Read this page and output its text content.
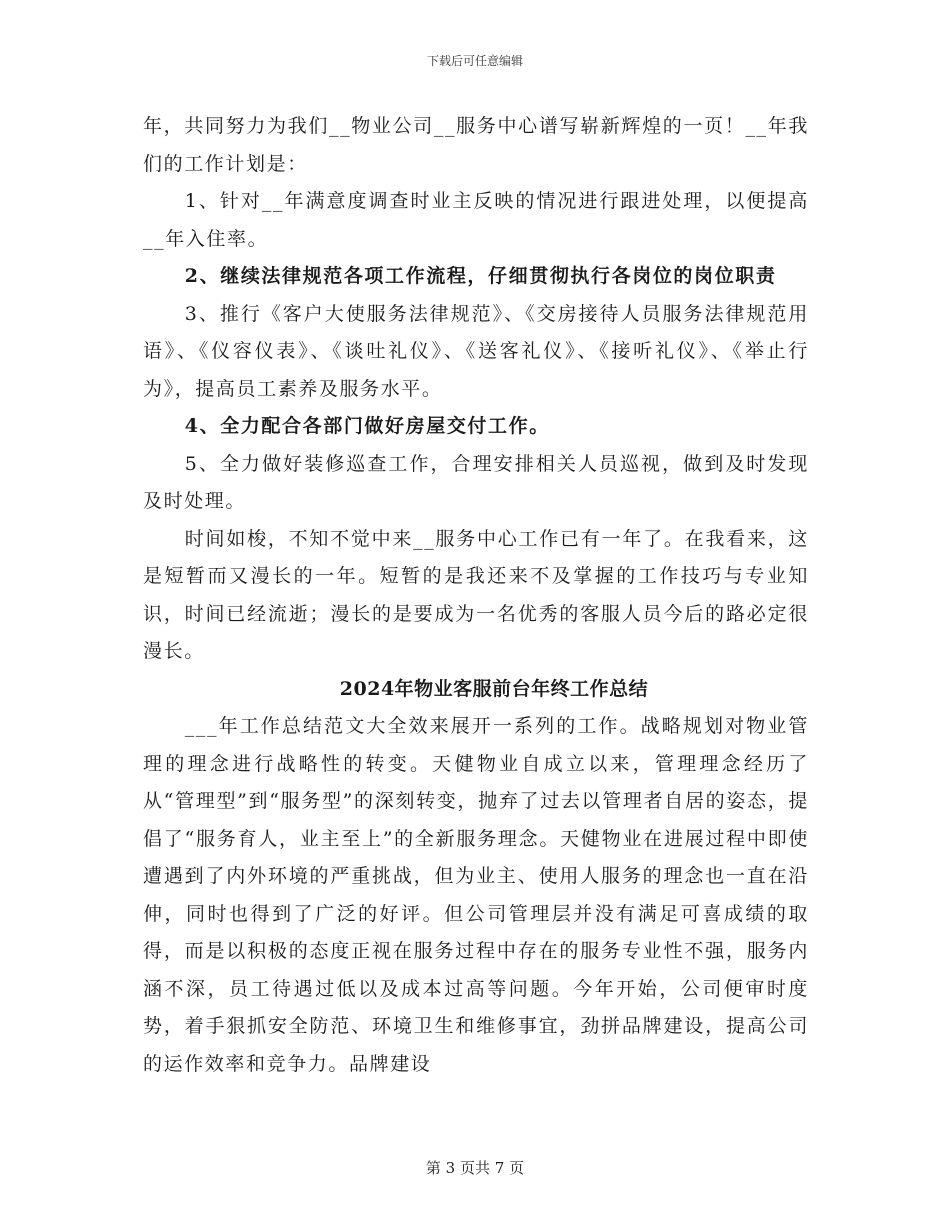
下载后可任意编辑

年，共同努力为我们__物业公司__服务中心谱写崭新辉煌的一页！__年我们的工作计划是：

1、针对__年满意度调查时业主反映的情况进行跟进处理，以便提高__年入住率。

2、继续法律规范各项工作流程，仔细贯彻执行各岗位的岗位职责

3、推行《客户大使服务法律规范》、《交房接待人员服务法律规范用语》、《仪容仪表》、《谈吐礼仪》、《送客礼仪》、《接听礼仪》、《举止行为》，提高员工素养及服务水平。

4、全力配合各部门做好房屋交付工作。

5、全力做好装修巡查工作，合理安排相关人员巡视，做到及时发现及时处理。

时间如梭，不知不觉中来__服务中心工作已有一年了。在我看来，这是短暂而又漫长的一年。短暂的是我还来不及掌握的工作技巧与专业知识，时间已经流逝；漫长的是要成为一名优秀的客服人员今后的路必定很漫长。

2024年物业客服前台年终工作总结

___年工作总结范文大全效来展开一系列的工作。战略规划对物业管理的理念进行战略性的转变。天健物业自成立以来，管理理念经历了从“管理型”到“服务型”的深刻转变，抛弃了过去以管理者自居的姿态，提倡了“服务育人，业主至上”的全新服务理念。天健物业在进展过程中即使遭遇到了内外环境的严重挑战，但为业主、使用人服务的理念也一直在沿伸，同时也得到了广泛的好评。但公司管理层并没有满足可喜成绩的取得，而是以积极的态度正视在服务过程中存在的服务专业性不强，服务内涵不深，员工待遇过低以及成本过高等问题。今年开始，公司便审时度势，着手狠抓安全防范、环境卫生和维修事宜，劲拼品牌建设，提高公司的运作效率和竞争力。品牌建设

第 3 页共 7 页
